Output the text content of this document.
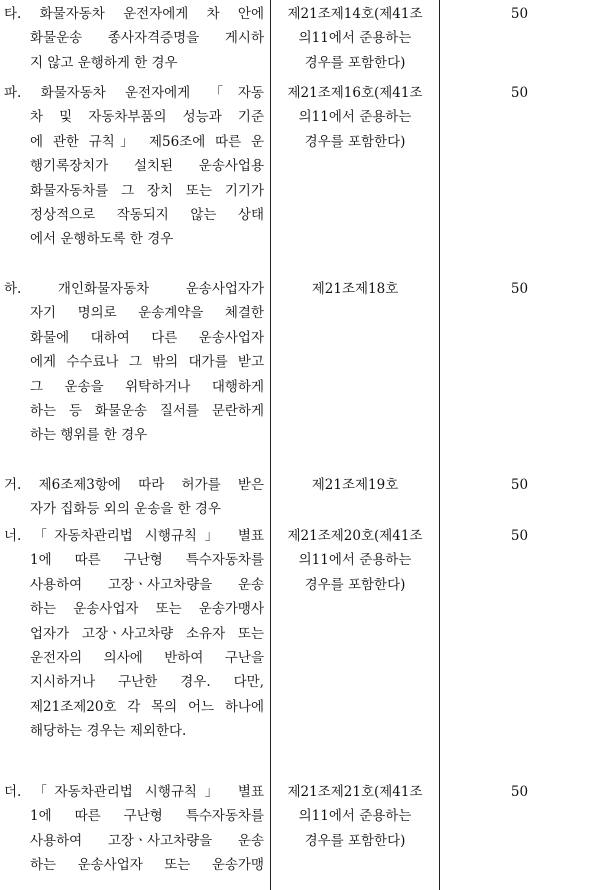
타. 화물자동차 운전자에게 차 안에
화물운송 종사자격증명을 게시하
지 않고 운행하게 한 경우
제21조제14호(제41조
의11에서 준용하는
경우를 포함한다)
50
파. 화물자동차 운전자에게 「자동
차 및 자동차부품의 성능과 기준
에 관한 규칙」 제56조에 따른 운
행기록장치가 설치된 운송사업용
화물자동차를 그 장치 또는 기기가
정상적으로 작동되지 않는 상태
에서 운행하도록 한 경우
제21조제16호(제41조
의11에서 준용하는
경우를 포함한다)
50
하. 개인화물자동차 운송사업자가
자기 명의로 운송계약을 체결한
화물에 대하여 다른 운송사업자
에게 수수료나 그 밖의 대가를 받고
그 운송을 위탁하거나 대행하게
하는 등 화물운송 질서를 문란하게
하는 행위를 한 경우
제21조제18호	50
거. 제6조제3항에 따라 허가를 받은
자가 집화등 외의 운송을 한 경우
제21조제19호	50
너. 「자동차관리법 시행규칙」 별표
1에 따른 구난형 특수자동차를
사용하여 고장ㆍ사고차량을 운송
하는 운송사업자 또는 운송가맹사
업자가 고장ㆍ사고차량 소유자 또는
운전자의 의사에 반하여 구난을
지시하거나 구난한 경우. 다만,
제21조제20호 각 목의 어느 하나에
해당하는 경우는 제외한다.
제21조제20호(제41조
의11에서 준용하는
경우를 포함한다)
50
더. 「자동차관리법 시행규칙」 별표
1에 따른 구난형 특수자동차를
사용하여 고장ㆍ사고차량을 운송
하는 운송사업자 또는 운송가맹
제21조제21호(제41조
의11에서 준용하는
경우를 포함한다)
50
